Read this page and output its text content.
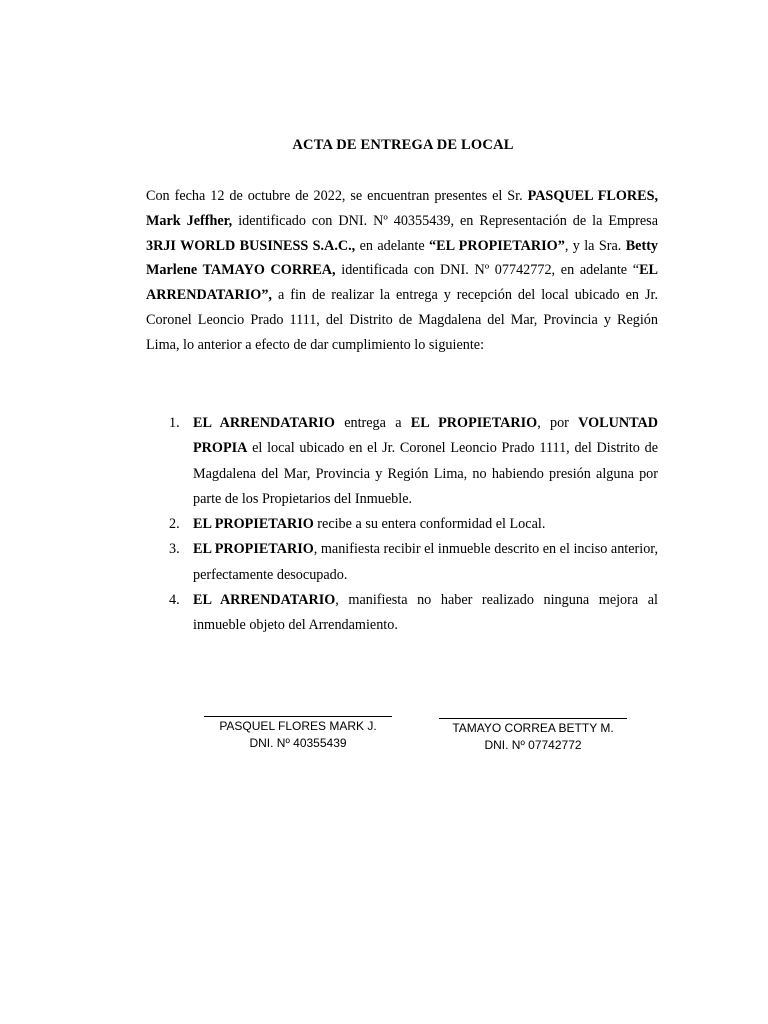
ACTA DE ENTREGA DE LOCAL

Con fecha 12 de octubre de 2022, se encuentran presentes el Sr. PASQUEL FLORES, Mark Jeffher, identificado con DNI. Nº 40355439, en Representación de la Empresa 3RJI WORLD BUSINESS S.A.C., en adelante “EL PROPIETARIO”, y la Sra. Betty Marlene TAMAYO CORREA, identificada con DNI. Nº 07742772, en adelante “EL ARRENDATARIO”, a fin de realizar la entrega y recepción del local ubicado en Jr. Coronel Leoncio Prado 1111, del Distrito de Magdalena del Mar, Provincia y Región Lima, lo anterior a efecto de dar cumplimiento lo siguiente:

1. EL ARRENDATARIO entrega a EL PROPIETARIO, por VOLUNTAD PROPIA el local ubicado en el Jr. Coronel Leoncio Prado 1111, del Distrito de Magdalena del Mar, Provincia y Región Lima, no habiendo presión alguna por parte de los Propietarios del Inmueble.
2. EL PROPIETARIO recibe a su entera conformidad el Local.
3. EL PROPIETARIO, manifiesta recibir el inmueble descrito en el inciso anterior, perfectamente desocupado.
4. EL ARRENDATARIO, manifiesta no haber realizado ninguna mejora al inmueble objeto del Arrendamiento.
PASQUEL FLORES MARK J.
DNI. Nº 40355439
TAMAYO CORREA BETTY M.
DNI. Nº 07742772
